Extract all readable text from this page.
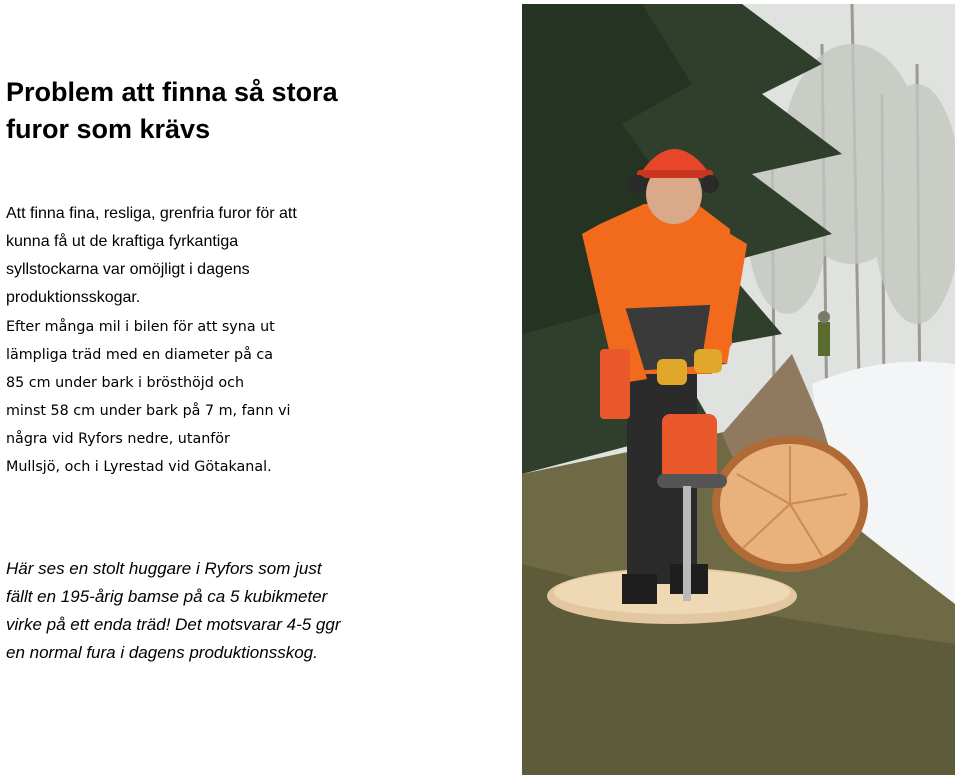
Problem att finna så stora
furor som krävs

Att finna fina, resliga, grenfria furor för att
kunna få ut de kraftiga fyrkantiga
syllstockarna var omöjligt i dagens
produktionsskogar.

Efter många mil i bilen för att syna ut
lämpliga träd med en diameter på ca
85 cm under bark i brösthöjd och
minst 58 cm under bark på 7 m, fann vi
några vid Ryfors nedre, utanför
Mullsjö, och i Lyrestad vid Götakanal.

Här ses en stolt huggare i Ryfors som just
fällt en 195-årig bamse på ca 5 kubikmeter
virke på ett enda träd! Det motsvarar 4-5 ggr
en normal fura i dagens produktionsskog.
